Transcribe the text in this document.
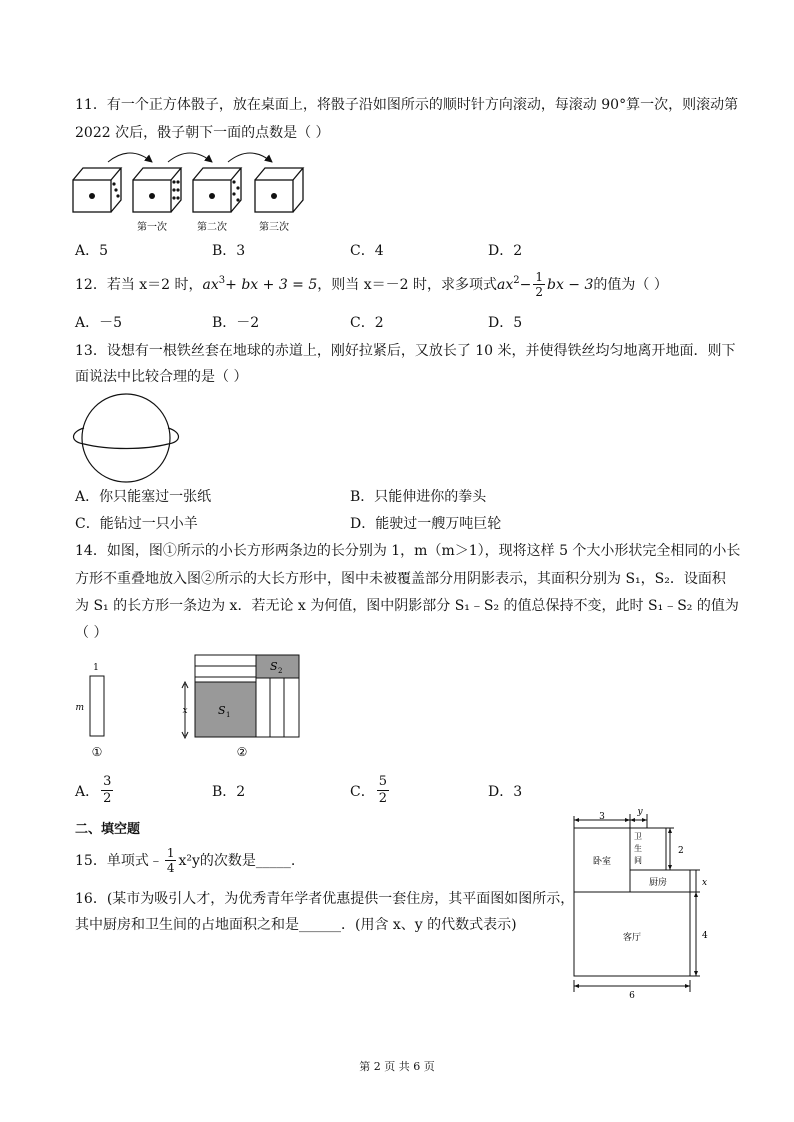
11．有一个正方体骰子，放在桌面上，将骰子沿如图所示的顺时针方向滚动，每滚动 90°算一次，则滚动第
2022 次后，骰子朝下一面的点数是（ ）
第一次	第二次	第三次
A．5	B．3	C．4	D．2
12．若当 x＝2 时， $ax^3$ + bx + 3 = 5 ，则当 x＝－2 时，求多项式 $ax^2 - \frac{1}{2}$ bx − 3 的值为（ ）
A．－5	B．－2	C．2	D．5
13．设想有一根铁丝套在地球的赤道上，刚好拉紧后，又放长了 10 米，并使得铁丝均匀地离开地面．则下
面说法中比较合理的是（ ）
A．你只能塞过一张纸	B．只能伸进你的拳头
C．能钻过一只小羊	D．能驶过一艘万吨巨轮
14．如图，图①所示的小长方形两条边的长分别为 1，m（m＞1），现将这样 5 个大小形状完全相同的小长
方形不重叠地放入图②所示的大长方形中，图中未被覆盖部分用阴影表示，其面积分别为 S₁，S₂．设面积
为 S₁ 的长方形一条边为 x．若无论 x 为何值，图中阴影部分 S₁﹣S₂ 的值总保持不变，此时 S₁﹣S₂ 的值为
（ ）
1
m
①
x	S 1
S 2
②
A． $\frac{3}{2}$	B．2	C． $\frac{5}{2}$	D．3
二、填空题
15．单项式﹣ $\frac{1}{4} x^2y$ 的次数是_____.
16．(某市为吸引人才，为优秀青年学者优惠提供一套住房，其平面图如图所示，
其中厨房和卫生间的占地面积之和是______．(用含 x、y 的代数式表示)
3	y
2
x
4
6
卧室
卫
生
间
厨房
客厅
第 2 页 共 6 页
